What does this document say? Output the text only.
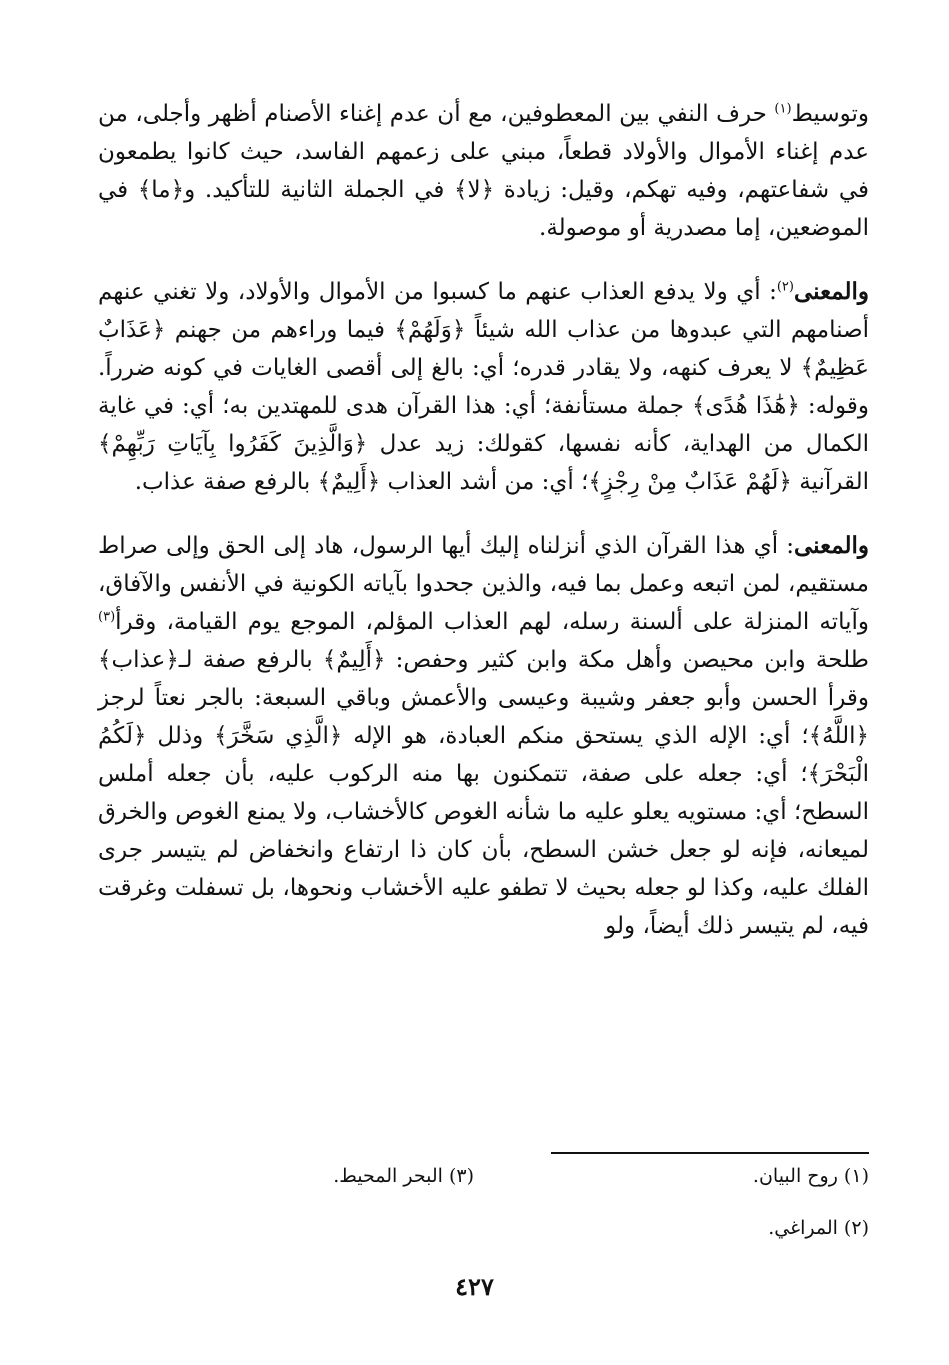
وتوسيط$^{(١)}$ حرف النفي بين المعطوفين، مع أن عدم إغناء الأصنام أظهر وأجلى، من عدم إغناء الأموال والأولاد قطعاً، مبني على زعمهم الفاسد، حيث كانوا يطمعون في شفاعتهم، وفيه تهكم، وقيل: زيادة ﴿لا﴾ في الجملة الثانية للتأكيد. و﴿ما﴾ في الموضعين، إما مصدرية أو موصولة.

والمعنى$^{(٢)}$: أي ولا يدفع العذاب عنهم ما كسبوا من الأموال والأولاد، ولا تغني عنهم أصنامهم التي عبدوها من عذاب الله شيئاً ﴿وَلَهُمْ﴾ فيما وراءهم من جهنم ﴿عَذَابٌ عَظِيمٌ﴾ لا يعرف كنهه، ولا يقادر قدره؛ أي: بالغ إلى أقصى الغايات في كونه ضرراً. وقوله: ﴿هَٰذَا هُدًى﴾ جملة مستأنفة؛ أي: هذا القرآن هدى للمهتدين به؛ أي: في غاية الكمال من الهداية، كأنه نفسها، كقولك: زيد عدل ﴿وَالَّذِينَ كَفَرُوا بِآيَاتِ رَبِّهِمْ﴾ القرآنية ﴿لَهُمْ عَذَابٌ مِنْ رِجْزٍ﴾؛ أي: من أشد العذاب ﴿أَلِيمٌ﴾ بالرفع صفة عذاب.

والمعنى: أي هذا القرآن الذي أنزلناه إليك أيها الرسول، هاد إلى الحق وإلى صراط مستقيم، لمن اتبعه وعمل بما فيه، والذين جحدوا بآياته الكونية في الأنفس والآفاق، وآياته المنزلة على ألسنة رسله، لهم العذاب المؤلم، الموجع يوم القيامة، وقرأ$^{(٣)}$ طلحة وابن محيصن وأهل مكة وابن كثير وحفص: ﴿أَلِيمٌ﴾ بالرفع صفة لـ﴿عذاب﴾ وقرأ الحسن وأبو جعفر وشيبة وعيسى والأعمش وباقي السبعة: بالجر نعتاً لرجز ﴿اللَّهُ﴾؛ أي: الإله الذي يستحق منكم العبادة، هو الإله ﴿الَّذِي سَخَّرَ﴾ وذلل ﴿لَكُمُ الْبَحْرَ﴾؛ أي: جعله على صفة، تتمكنون بها منه الركوب عليه، بأن جعله أملس السطح؛ أي: مستويه يعلو عليه ما شأنه الغوص كالأخشاب، ولا يمنع الغوص والخرق لميعانه، فإنه لو جعل خشن السطح، بأن كان ذا ارتفاع وانخفاض لم يتيسر جرى الفلك عليه، وكذا لو جعله بحيث لا تطفو عليه الأخشاب ونحوها، بل تسفلت وغرقت فيه، لم يتيسر ذلك أيضاً، ولو

(١) روح البيان.
(٣) البحر المحيط.
(٢) المراغي.
٤٢٧
